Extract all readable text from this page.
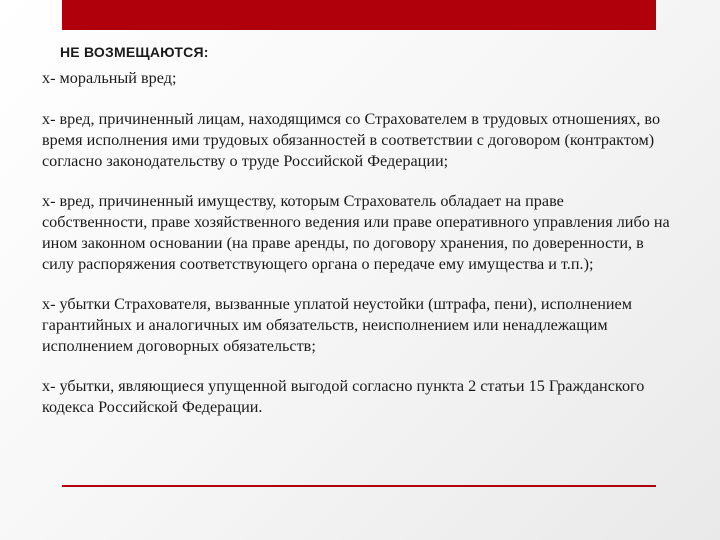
НЕ ВОЗМЕЩАЮТСЯ:

х- моральный вред;

х- вред, причиненный лицам, находящимся со Страхователем в трудовых отношениях, во время исполнения ими трудовых обязанностей в соответствии с договором (контрактом) согласно законодательству о труде Российской Федерации;

х- вред, причиненный имуществу, которым Страхователь обладает на праве собственности, праве хозяйственного ведения или праве оперативного управления либо на ином законном основании (на праве аренды, по договору хранения, по доверенности, в силу распоряжения соответствующего органа о передаче ему имущества и т.п.);

х- убытки Страхователя, вызванные уплатой неустойки (штрафа, пени), исполнением гарантийных и аналогичных им обязательств, неисполнением или ненадлежащим исполнением договорных обязательств;

х- убытки, являющиеся упущенной выгодой согласно пункта 2 статьи 15 Гражданского кодекса Российской Федерации.
